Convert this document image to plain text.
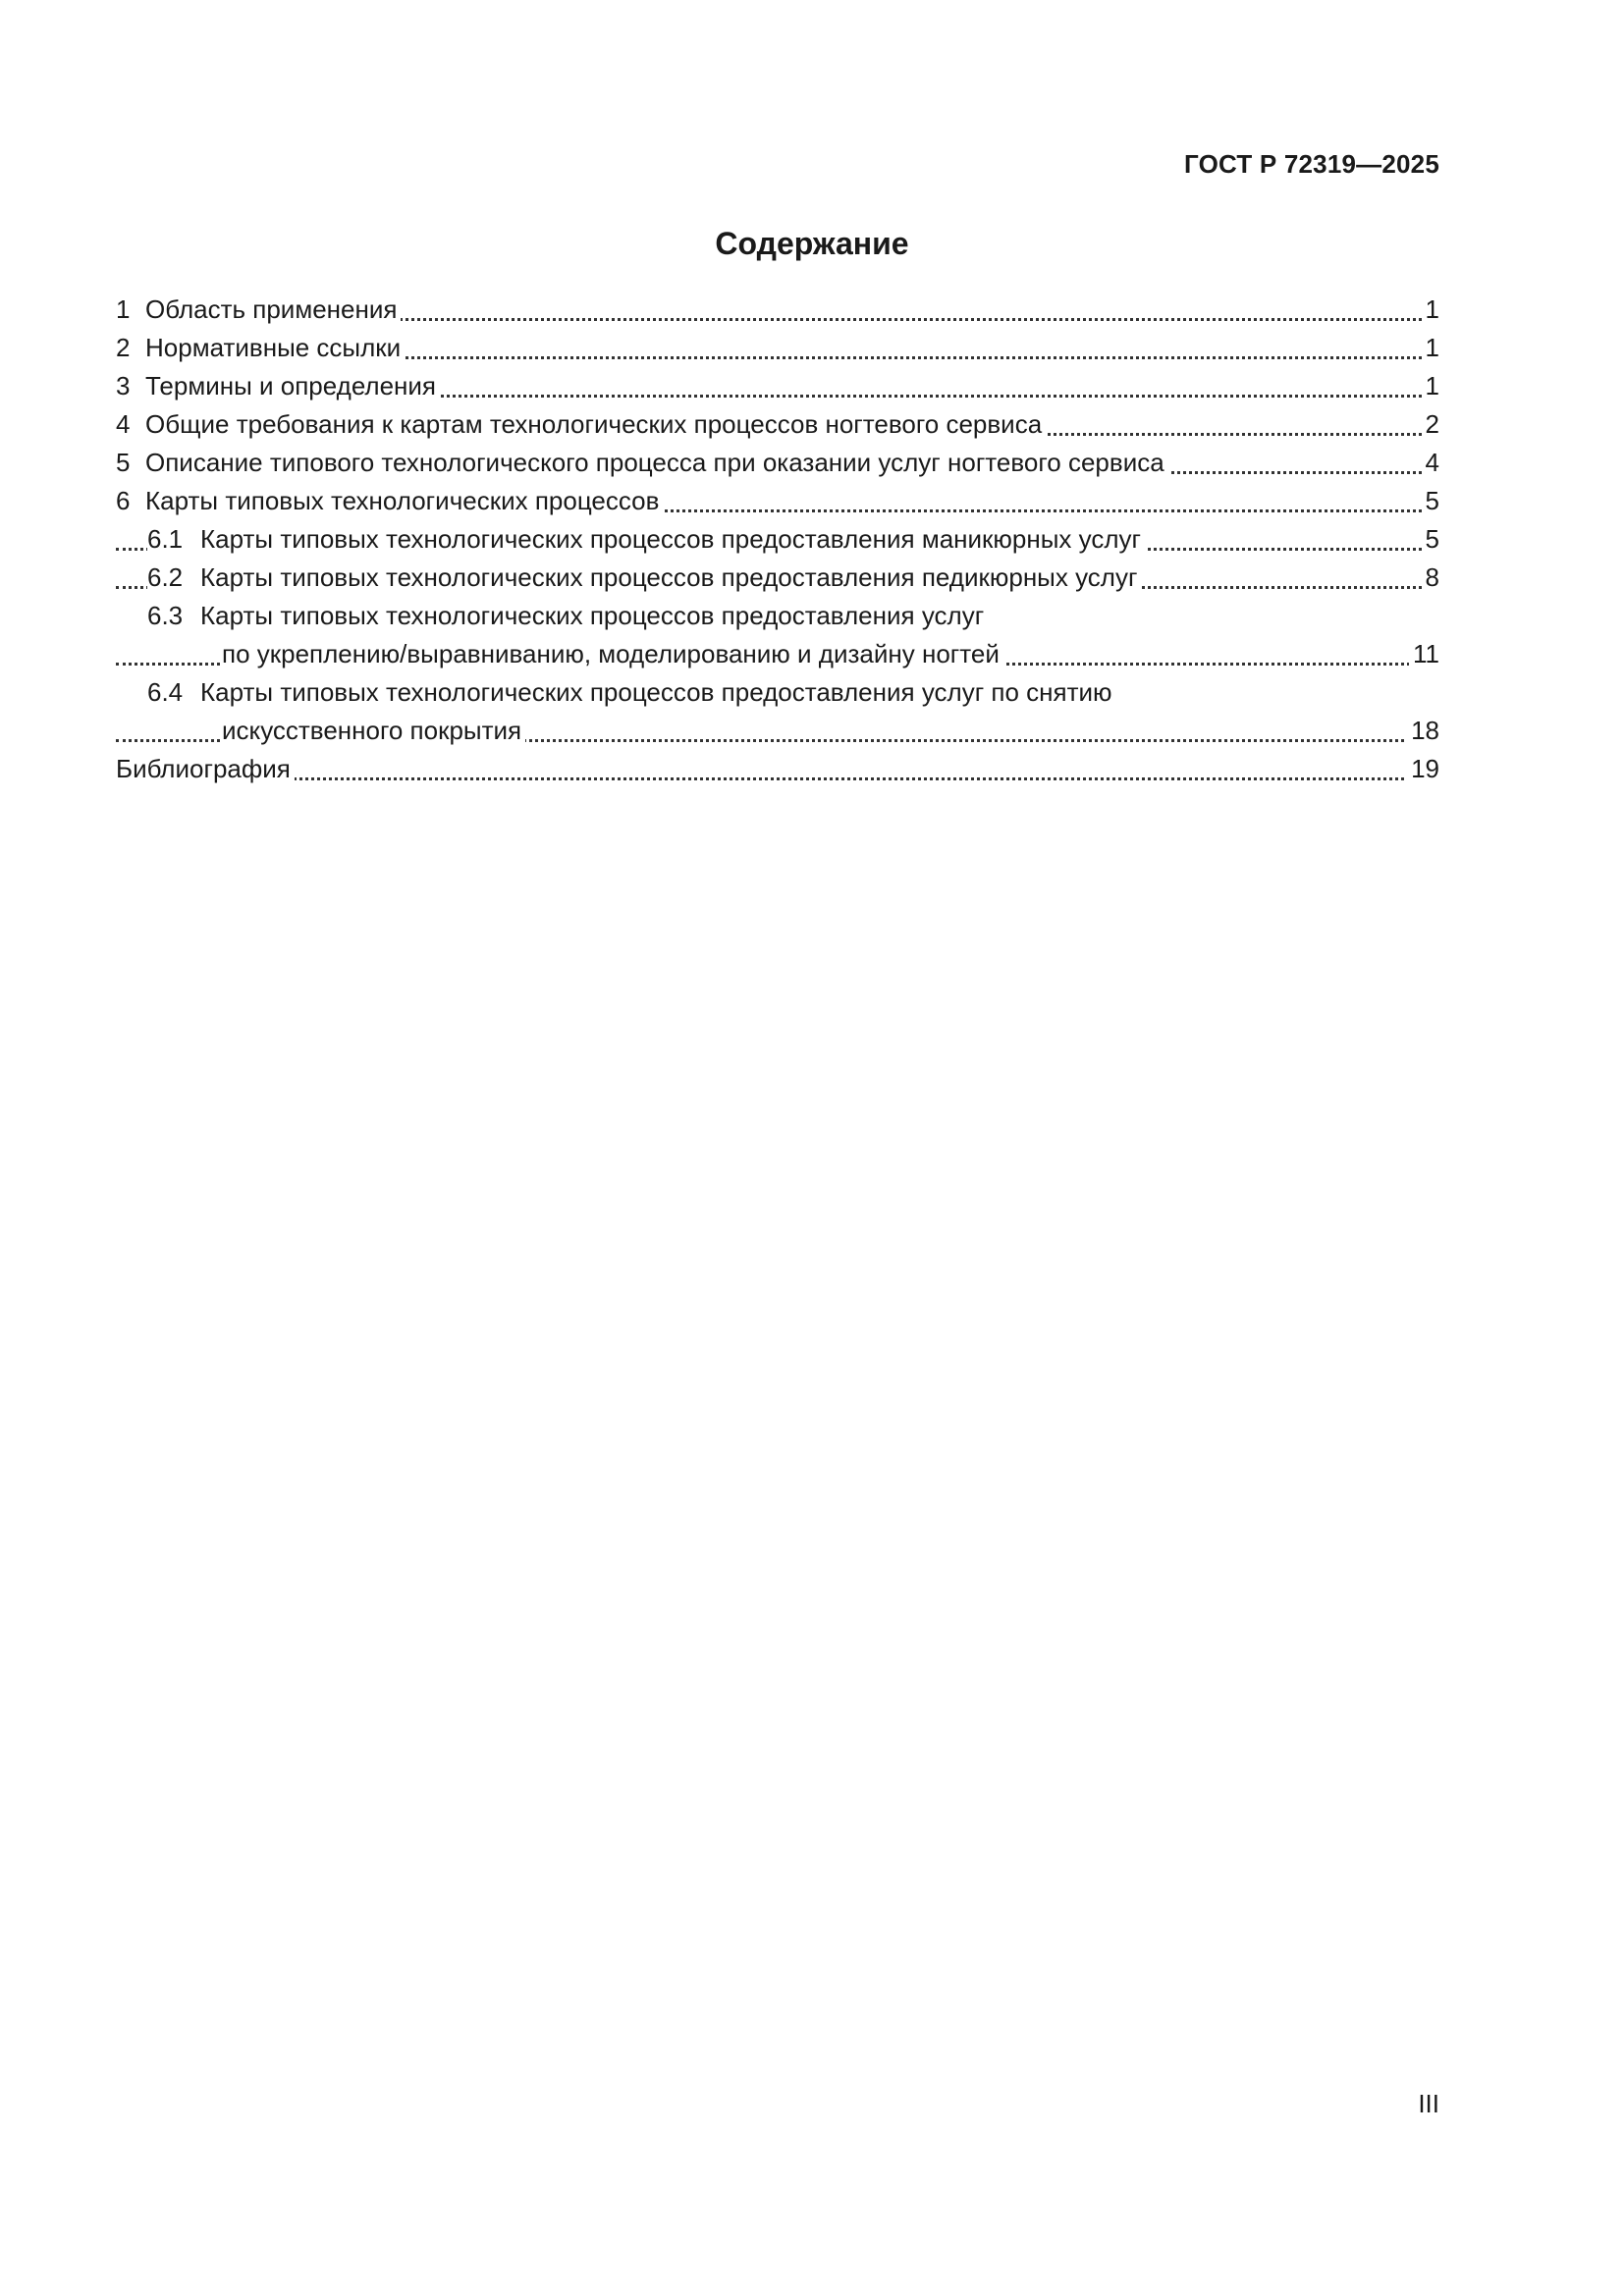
ГОСТ Р 72319—2025
Содержание
1 Область применения	1
2 Нормативные ссылки	1
3 Термины и определения	1
4 Общие требования к картам технологических процессов ногтевого сервиса	2
5 Описание типового технологического процесса при оказании услуг ногтевого сервиса	4
6 Карты типовых технологических процессов	5
6.1 Карты типовых технологических процессов предоставления маникюрных услуг	5
6.2 Карты типовых технологических процессов предоставления педикюрных услуг	8
6.3 Карты типовых технологических процессов предоставления услуг
по укреплению/выравниванию, моделированию и дизайну ногтей	11
6.4 Карты типовых технологических процессов предоставления услуг по снятию
искусственного покрытия	18
Библиография	19
III
